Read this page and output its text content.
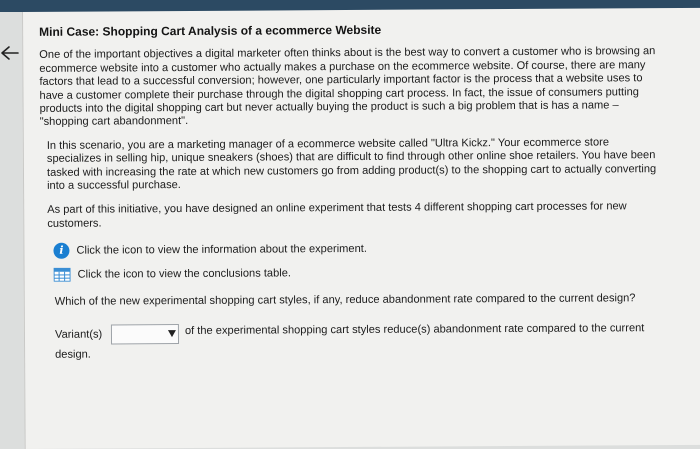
Mini Case: Shopping Cart Analysis of a ecommerce Website

One of the important objectives a digital marketer often thinks about is the best way to convert a customer who is browsing an ecommerce website into a customer who actually makes a purchase on the ecommerce website. Of course, there are many factors that lead to a successful conversion; however, one particularly important factor is the process that a website uses to have a customer complete their purchase through the digital shopping cart process. In fact, the issue of consumers putting products into the digital shopping cart but never actually buying the product is such a big problem that is has a name – "shopping cart abandonment".

In this scenario, you are a marketing manager of a ecommerce website called "Ultra Kickz." Your ecommerce store specializes in selling hip, unique sneakers (shoes) that are difficult to find through other online shoe retailers. You have been tasked with increasing the rate at which new customers go from adding product(s) to the shopping cart to actually converting into a successful purchase.

As part of this initiative, you have designed an online experiment that tests 4 different shopping cart processes for new customers.

i	Click the icon to view the information about the experiment.
Click the icon to view the conclusions table.
Which of the new experimental shopping cart styles, if any, reduce abandonment rate compared to the current design?
Variant(s)	of the experimental shopping cart styles reduce(s) abandonment rate compared to the current
design.
